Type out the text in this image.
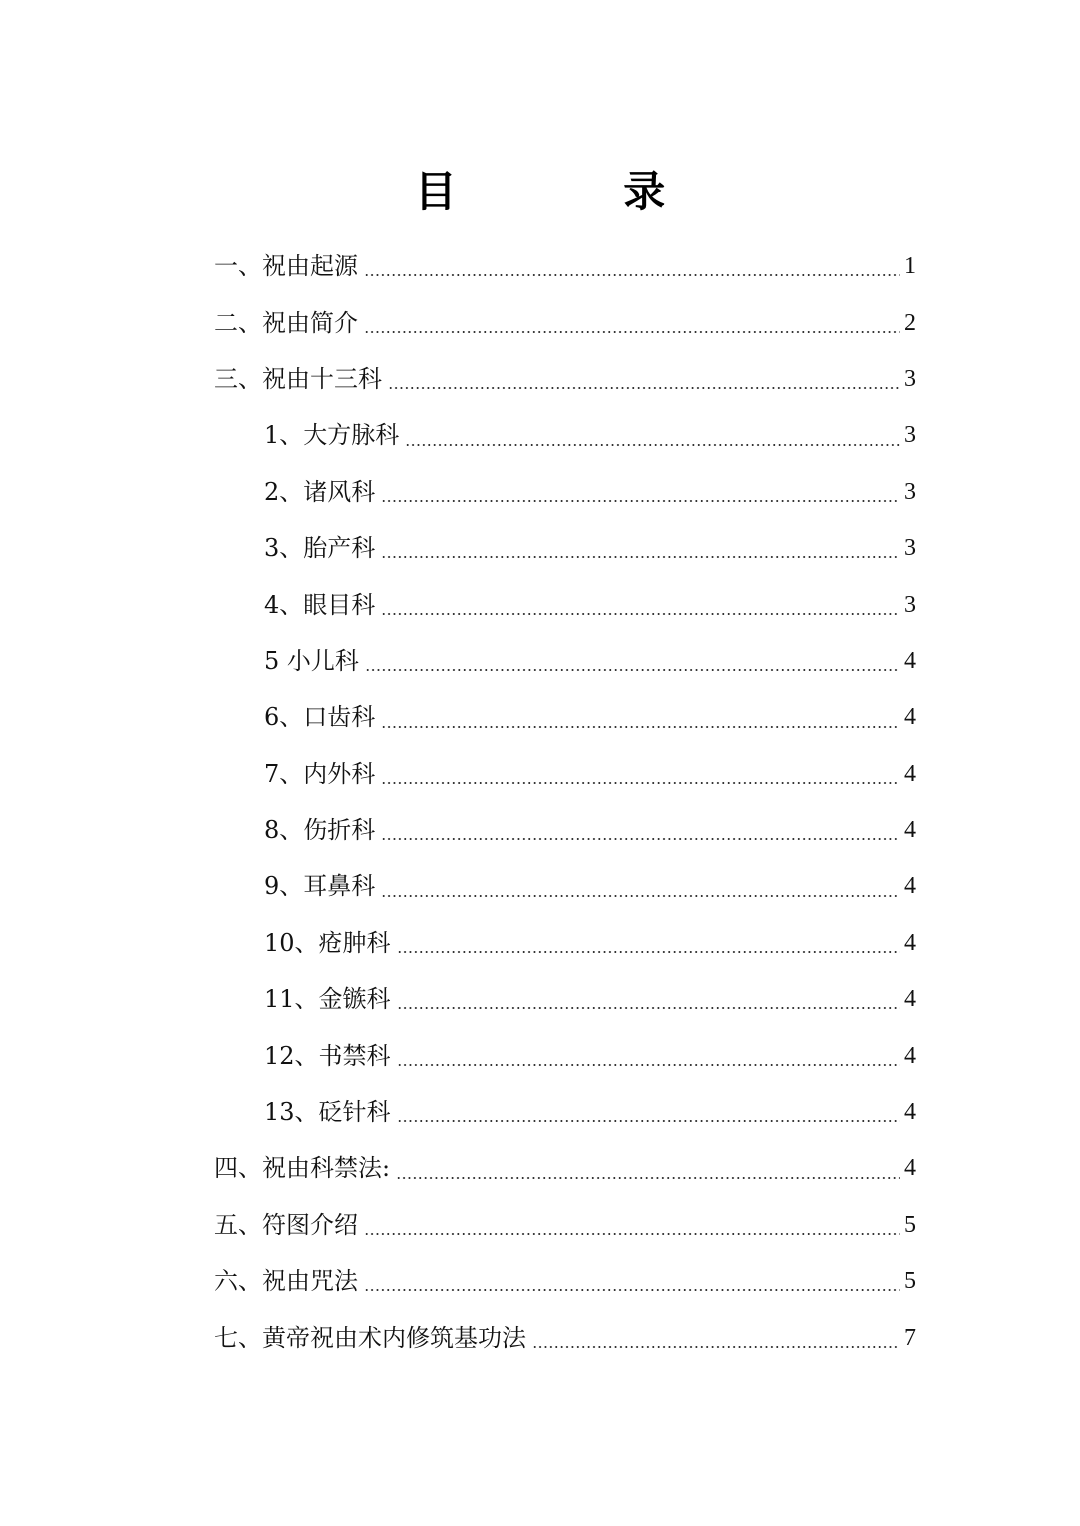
目 录
一、祝由起源	1
二、祝由简介	2
三、祝由十三科	3
1、大方脉科	3
2、诸风科	3
3、胎产科	3
4、眼目科	3
5 小儿科	4
6、口齿科	4
7、内外科	4
8、伤折科	4
9、耳鼻科	4
10、疮肿科	4
11、金镞科	4
12、书禁科	4
13、砭针科	4
四、祝由科禁法:	4
五、符图介绍	5
六、祝由咒法	5
七、黄帝祝由术内修筑基功法	7
